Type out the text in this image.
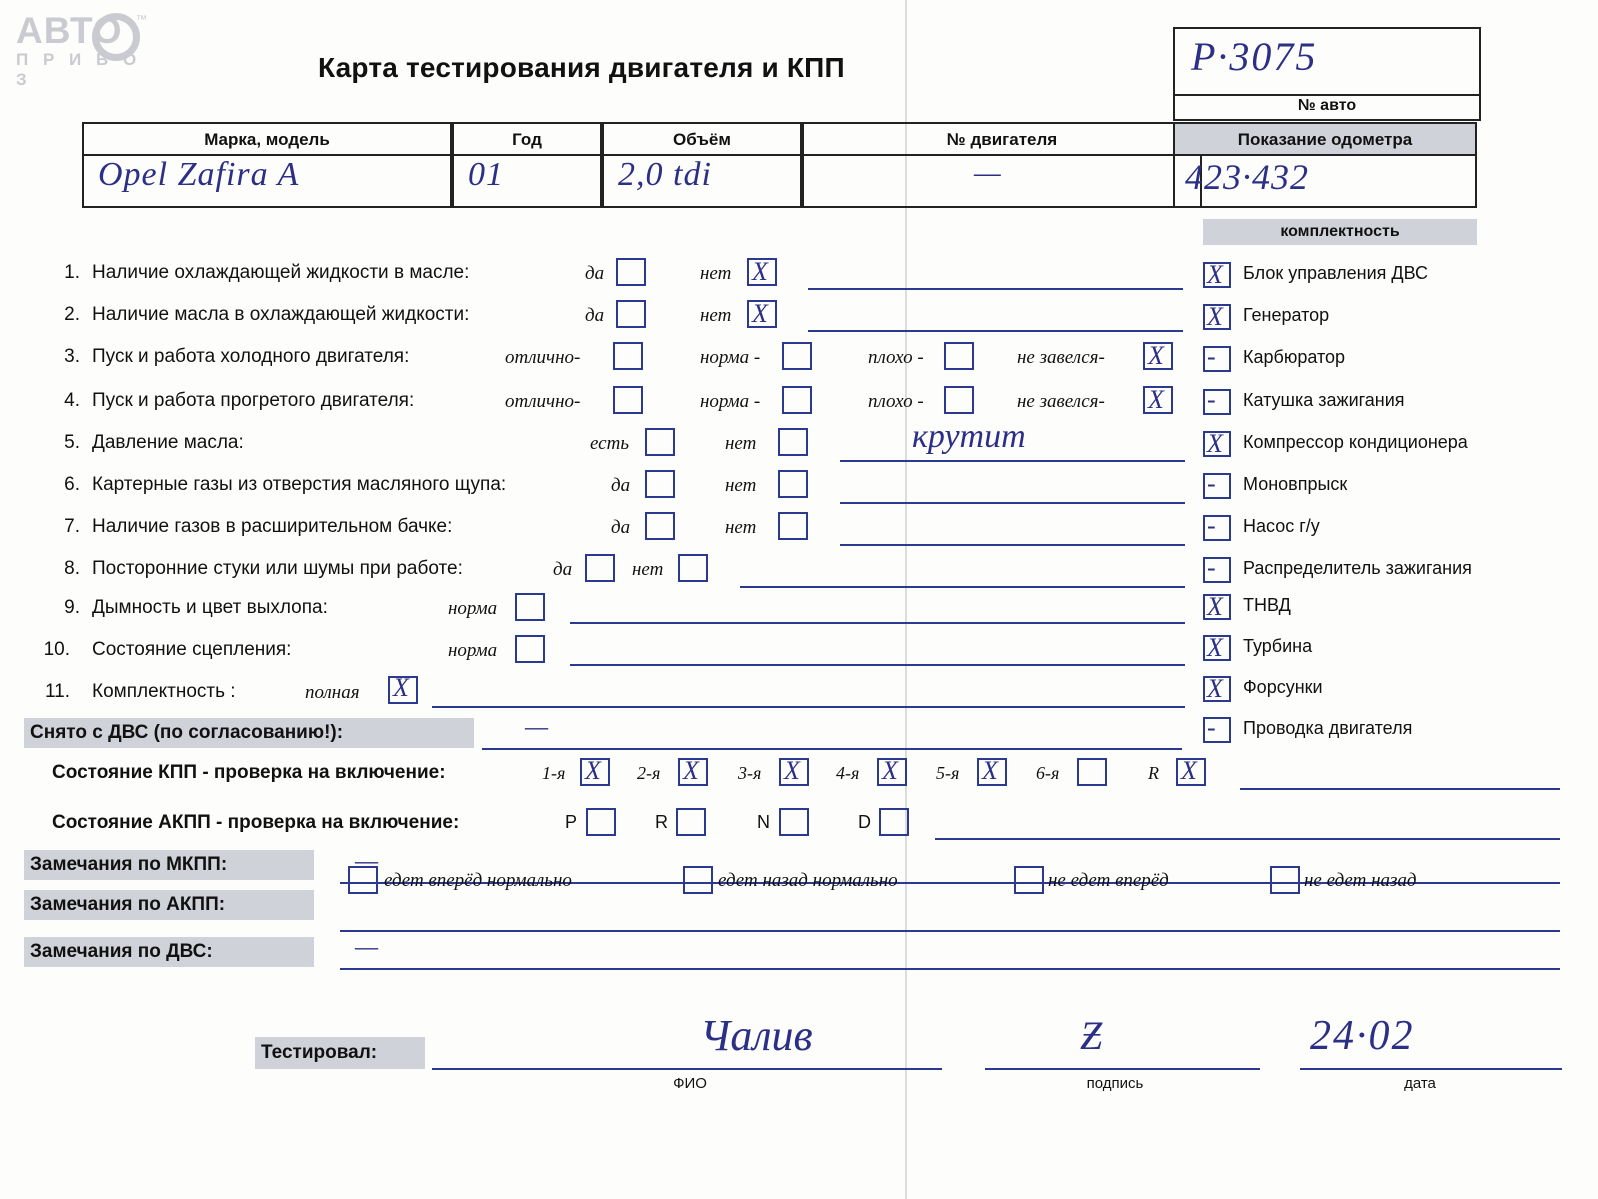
АВТО ™
П Р И В О З	Карта тестирования двигателя и КПП	Р·3075
№ авто
Марка, модель
Opel Zafira A
Год
01
Объём
2,0 tdi
№ двигателя
—
Показание одометра
423·432
комплектность
1. Наличие охлаждающей жидкости в масле:	да	нет X
2. Наличие масла в охлаждающей жидкости:	да	нет X
3. Пуск и работа холодного двигателя:	отлично-	норма -	плохо -	не завелся- X
4. Пуск и работа прогретого двигателя:	отлично-	норма -	плохо -	не завелся- X
5. Давление масла:	есть	нет	крутит
6. Картерные газы из отверстия масляного щупа:	да	нет
7. Наличие газов в расширительном бачке:	да	нет
8. Посторонние стуки или шумы при работе:	да	нет
9. Дымность и цвет выхлопа:	норма
10. Состояние сцепления:	норма
11. Комплектность :	полная X
X Блок управления ДВС
X Генератор
- Карбюратор
- Катушка зажигания
X Компрессор кондиционера
- Моновпрыск
- Насос г/у
- Распределитель зажигания
X ТНВД
X Турбина
X Форсунки
- Проводка двигателя
Снято с ДВС (по согласованию!):	—
Состояние КПП - проверка на включение:	1-я X 2-я X 3-я X 4-я X 5-я X 6-я	R X
Состояние АКПП - проверка на включение:	P	R	N	D
Замечания по МКПП:	—
Замечания по АКПП:
едет вперёд нормально	едет назад нормально	не едет вперёд	не едет назад
Замечания по ДВС:	—
Тестировал:	Чалив
ФИО
Ƶ
подпись
24·02
дата
